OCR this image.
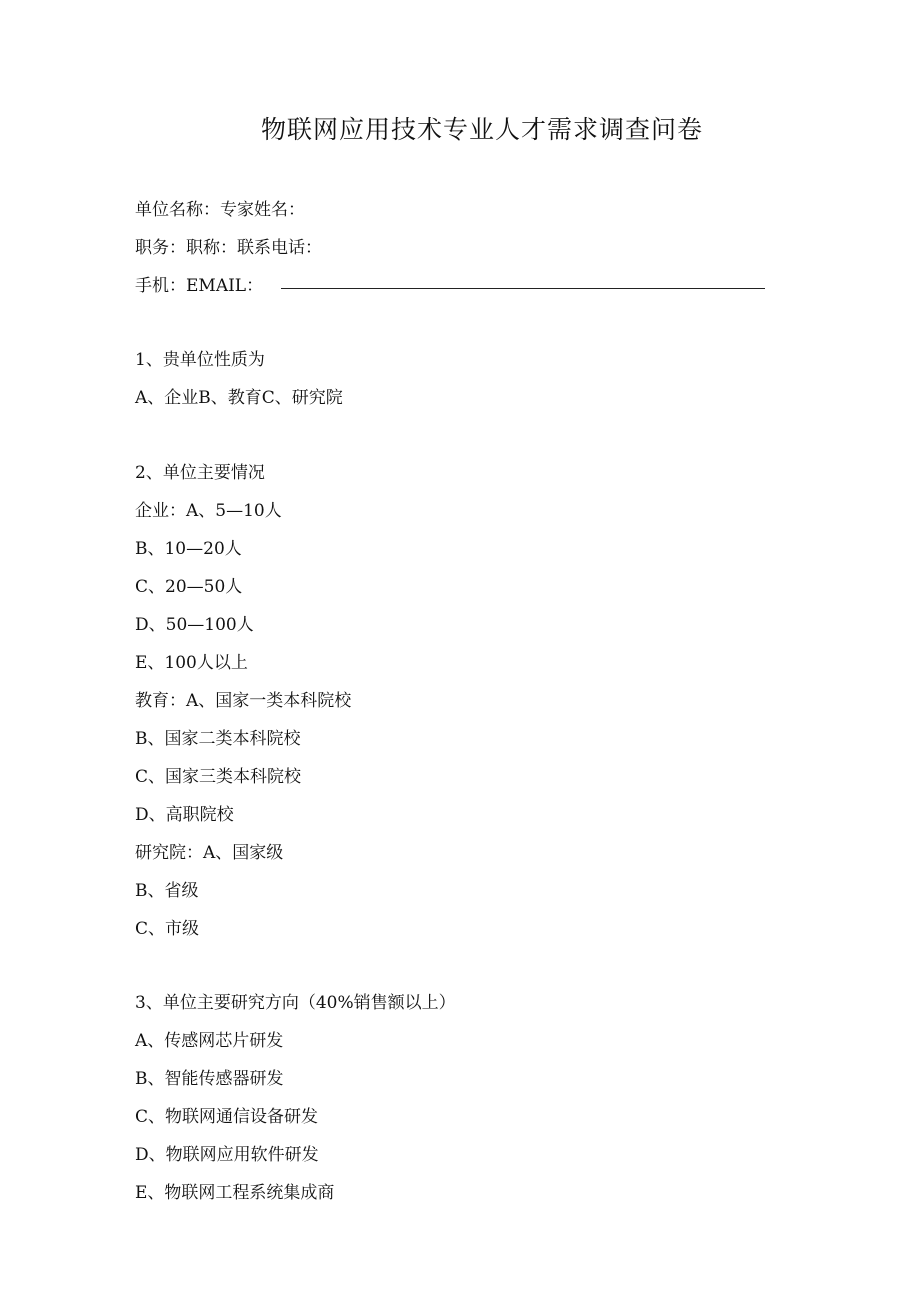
物联网应用技术专业人才需求调查问卷
单位名称：专家姓名：
职务：职称：联系电话：
手机：EMAIL：
1、贵单位性质为
A、企业B、教育C、研究院
2、单位主要情况
企业：A、5—10人
B、10—20人
C、20—50人
D、50—100人
E、100人以上
教育：A、国家一类本科院校
B、国家二类本科院校
C、国家三类本科院校
D、高职院校
研究院：A、国家级
B、省级
C、市级
3、单位主要研究方向（40%销售额以上）
A、传感网芯片研发
B、智能传感器研发
C、物联网通信设备研发
D、物联网应用软件研发
E、物联网工程系统集成商
